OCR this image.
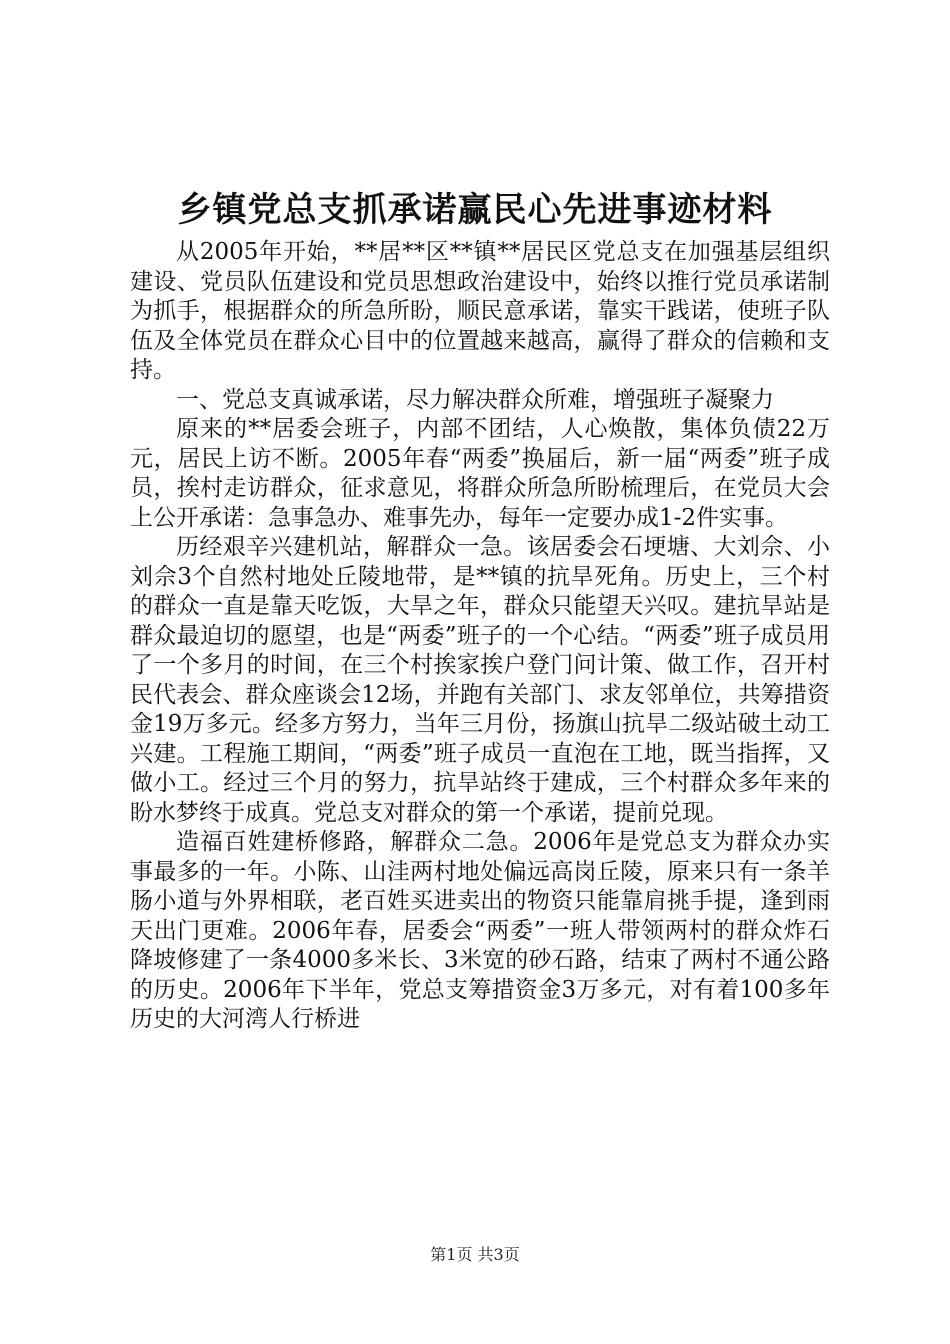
乡镇党总支抓承诺赢民心先进事迹材料

从2005年开始，**居**区**镇**居民区党总支在加强基层组织建设、党员队伍建设和党员思想政治建设中，始终以推行党员承诺制为抓手，根据群众的所急所盼，顺民意承诺，靠实干践诺，使班子队伍及全体党员在群众心目中的位置越来越高，赢得了群众的信赖和支持。

一、党总支真诚承诺，尽力解决群众所难，增强班子凝聚力

原来的**居委会班子，内部不团结，人心焕散，集体负债22万元，居民上访不断。2005年春“两委”换届后，新一届“两委”班子成员，挨村走访群众，征求意见，将群众所急所盼梳理后，在党员大会上公开承诺：急事急办、难事先办，每年一定要办成1-2件实事。

历经艰辛兴建机站，解群众一急。该居委会石埂塘、大刘佘、小刘佘3个自然村地处丘陵地带，是**镇的抗旱死角。历史上，三个村的群众一直是靠天吃饭，大旱之年，群众只能望天兴叹。建抗旱站是群众最迫切的愿望，也是“两委”班子的一个心结。“两委”班子成员用了一个多月的时间，在三个村挨家挨户登门问计策、做工作，召开村民代表会、群众座谈会12场，并跑有关部门、求友邻单位，共筹措资金19万多元。经多方努力，当年三月份，扬旗山抗旱二级站破土动工兴建。工程施工期间，“两委”班子成员一直泡在工地，既当指挥，又做小工。经过三个月的努力，抗旱站终于建成，三个村群众多年来的盼水梦终于成真。党总支对群众的第一个承诺，提前兑现。

造福百姓建桥修路，解群众二急。2006年是党总支为群众办实事最多的一年。小陈、山洼两村地处偏远高岗丘陵，原来只有一条羊肠小道与外界相联，老百姓买进卖出的物资只能靠肩挑手提，逢到雨天出门更难。2006年春，居委会“两委”一班人带领两村的群众炸石降坡修建了一条4000多米长、3米宽的砂石路，结束了两村不通公路的历史。2006年下半年，党总支筹措资金3万多元，对有着100多年历史的大河湾人行桥进

第1页 共3页
